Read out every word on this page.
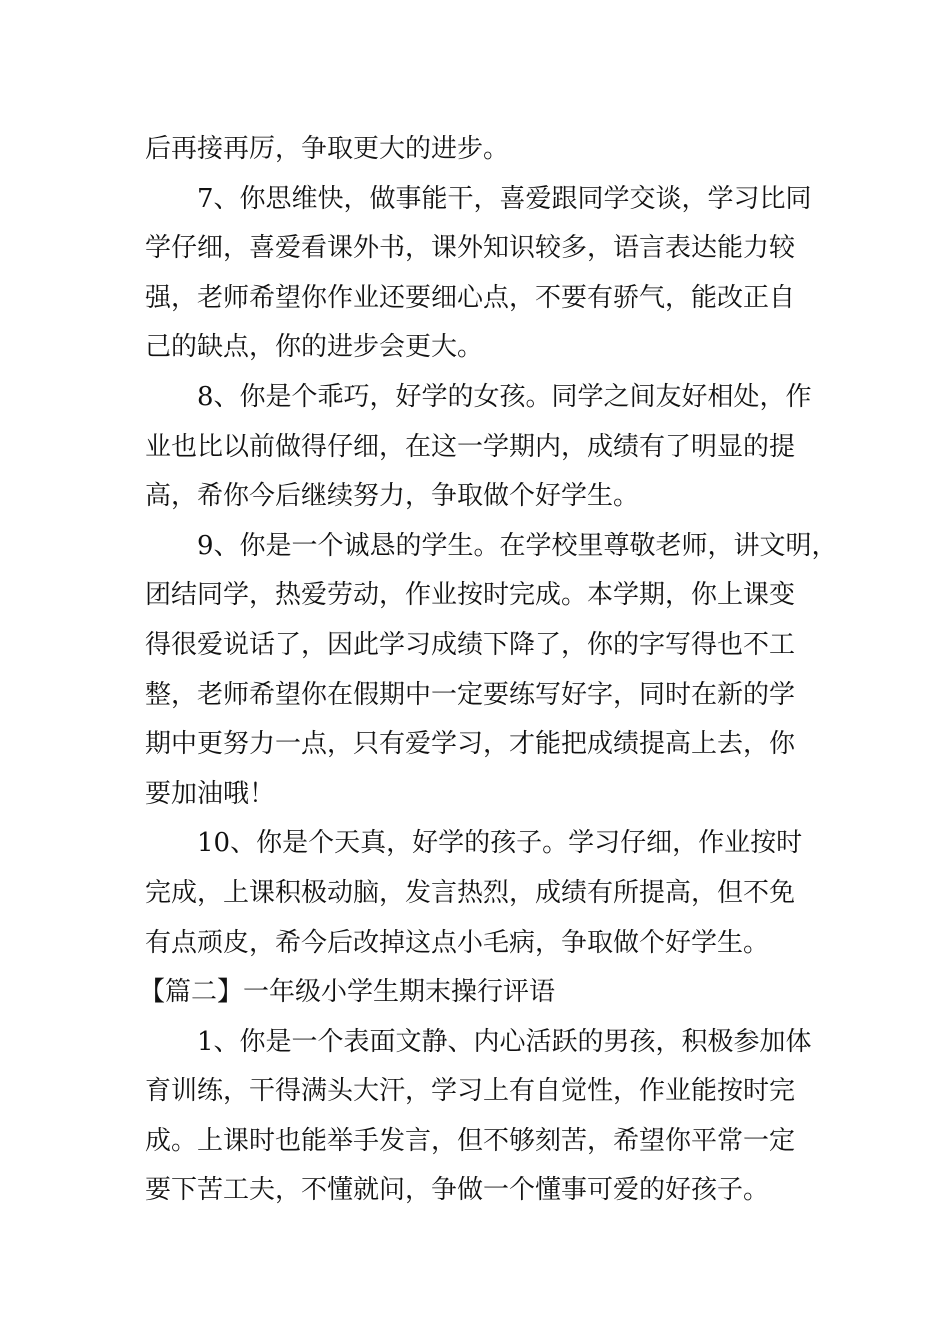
后再接再厉，争取更大的进步。
7、你思维快，做事能干，喜爱跟同学交谈，学习比同
学仔细，喜爱看课外书，课外知识较多，语言表达能力较
强，老师希望你作业还要细心点，不要有骄气，能改正自
己的缺点，你的进步会更大。
8、你是个乖巧，好学的女孩。同学之间友好相处，作
业也比以前做得仔细，在这一学期内，成绩有了明显的提
高，希你今后继续努力，争取做个好学生。
9、你是一个诚恳的学生。在学校里尊敬老师，讲文明，
团结同学，热爱劳动，作业按时完成。本学期，你上课变
得很爱说话了，因此学习成绩下降了，你的字写得也不工
整，老师希望你在假期中一定要练写好字，同时在新的学
期中更努力一点，只有爱学习，才能把成绩提高上去，你
要加油哦！
10、你是个天真，好学的孩子。学习仔细，作业按时
完成，上课积极动脑，发言热烈，成绩有所提高，但不免
有点顽皮，希今后改掉这点小毛病，争取做个好学生。
【篇二】一年级小学生期末操行评语
1、你是一个表面文静、内心活跃的男孩，积极参加体
育训练，干得满头大汗，学习上有自觉性，作业能按时完
成。上课时也能举手发言，但不够刻苦，希望你平常一定
要下苦工夫，不懂就问，争做一个懂事可爱的好孩子。
